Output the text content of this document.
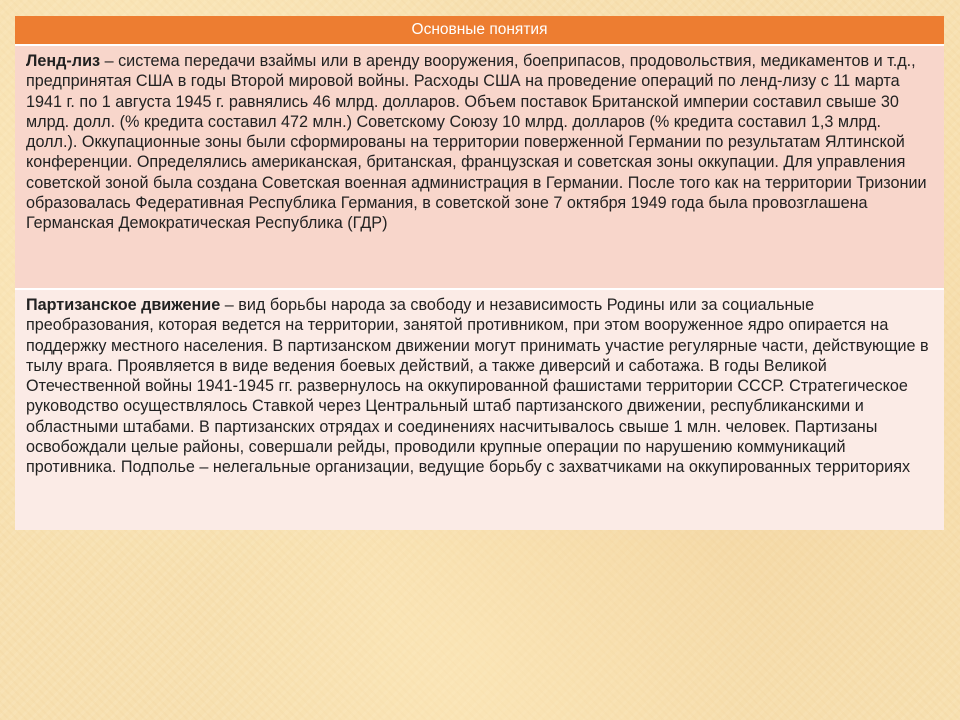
Основные понятия
Ленд-лиз – система передачи взаймы или в аренду вооружения, боеприпасов, продовольствия, медикаментов и т.д., предпринятая США в годы Второй мировой войны. Расходы США на проведение операций по ленд-лизу с 11 марта 1941 г. по 1 августа 1945 г. равнялись 46 млрд. долларов. Объем поставок Британской империи составил свыше 30 млрд. долл. (% кредита составил 472 млн.) Советскому Союзу 10 млрд. долларов (% кредита составил 1,3 млрд. долл.). Оккупационные зоны были сформированы на территории поверженной Германии по результатам Ялтинской конференции. Определялись американская, британская, французская и советская зоны оккупации. Для управления советской зоной была создана Советская военная администрация в Германии. После того как на территории Тризонии образовалась Федеративная Республика Германия, в советской зоне 7 октября 1949 года была провозглашена Германская Демократическая Республика (ГДР)
Партизанское движение – вид борьбы народа за свободу и независимость Родины или за социальные преобразования, которая ведется на территории, занятой противником, при этом вооруженное ядро опирается на поддержку местного населения. В партизанском движении могут принимать участие регулярные части, действующие в тылу врага. Проявляется в виде ведения боевых действий, а также диверсий и саботажа. В годы Великой Отечественной войны 1941-1945 гг. развернулось на оккупированной фашистами территории СССР. Стратегическое руководство осуществлялось Ставкой через Центральный штаб партизанского движении, республиканскими и областными штабами. В партизанских отрядах и соединениях насчитывалось свыше 1 млн. человек. Партизаны освобождали целые районы, совершали рейды, проводили крупные операции по нарушению коммуникаций противника. Подполье – нелегальные организации, ведущие борьбу с захватчиками на оккупированных территориях
